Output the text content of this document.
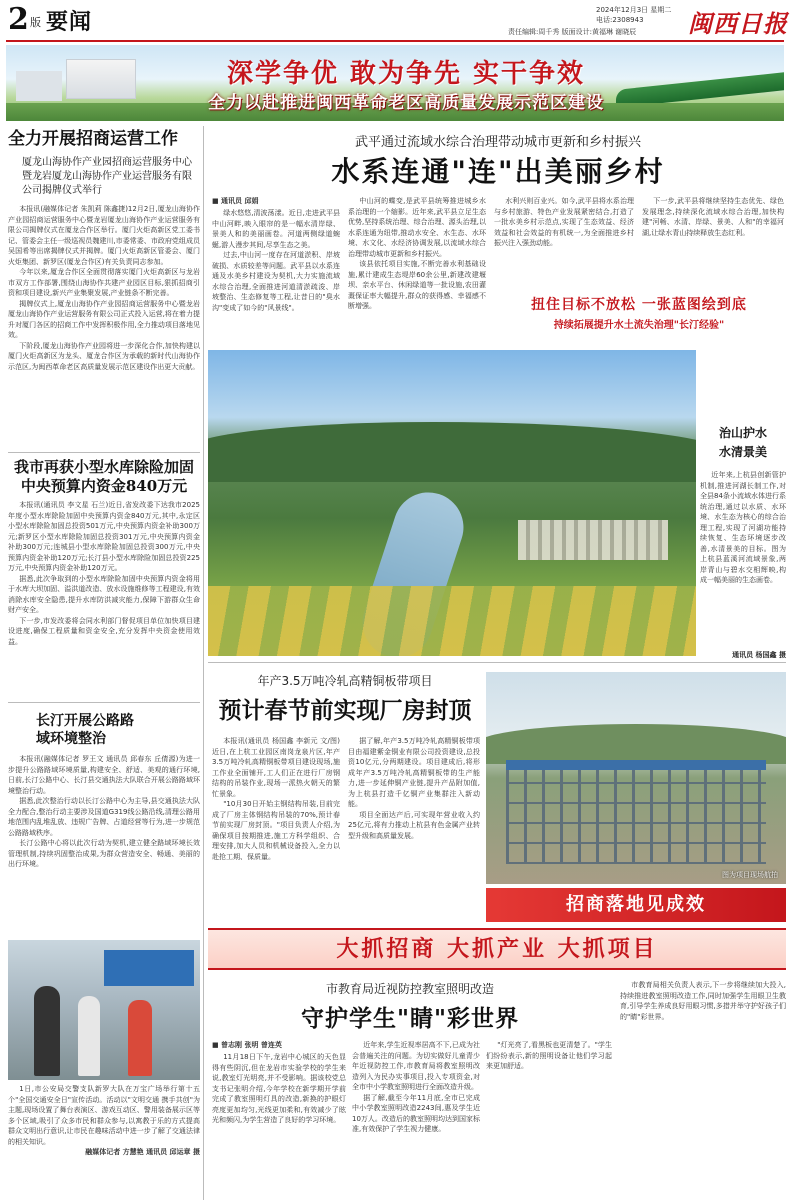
2 版 要闻	2024年12月3日 星期二
电话:2308943
责任编辑:周千秀 版面设计:黄福琳 谢晓辰 闽西日报
深学争优 敢为争先 实干争效
全力以赴推进闽西革命老区高质量发展示范区建设
全力开展招商运营工作
厦龙山海协作产业园招商运营服务中心暨龙岩厦龙山海协作产业运营服务有限公司揭牌仪式举行

本报讯(融媒体记者 朱凯莉 陈鑫捷)12月2日,厦龙山海协作产业园招商运营服务中心暨龙岩厦龙山海协作产业运营服务有限公司揭牌仪式在厦龙合作区举行。厦门火炬高新区党工委书记、管委会主任一级巡视员魏建川,市委常委、市政府党组成员吴国希等出席揭牌仪式并揭牌。厦门火炬高新区管委会、厦门火炬集团、新罗区(厦龙合作区)有关负责同志参加。

今年以来,厦龙合作区全面贯彻落实厦门火炬高新区与龙岩市双方工作部署,围绕山海协作共建产业园区目标,狠抓招商引资和项目建设,新兴产业集聚发展,产业链条不断完善。

揭牌仪式上,厦龙山海协作产业园招商运营服务中心暨龙岩厦龙山海协作产业运营服务有限公司正式投入运营,将在着力提升对厦门各区的招商工作中发挥积极作用,全力推动项目落地见效。

下阶段,厦龙山海协作产业园将进一步深化合作,加快构建以厦门火炬高新区为龙头、厦龙合作区为承载的新时代山海协作示范区,为闽西革命老区高质量发展示范区建设作出更大贡献。

我市再获小型水库除险加固中央预算内资金840万元

本报讯(通讯员 李文星 石兰)近日,省发改委下达我市2025年度小型水库除险加固中央预算内资金840万元,其中,永定区小型水库除险加固总投资501万元,中央预算内资金补助300万元;新罗区小型水库除险加固总投资301万元,中央预算内资金补助300万元;连城县小型水库除险加固总投资300万元,中央预算内资金补助120万元;长汀县小型水库除险加固总投资225万元,中央预算内资金补助120万元。

据悉,此次争取到的小型水库除险加固中央预算内资金将用于水库大坝加固、溢洪道改造、放水设施维修等工程建设,有效消除水库安全隐患,提升水库防洪减灾能力,保障下游群众生命财产安全。

下一步,市发改委将会同水利部门督促项目单位加快项目建设进度,确保工程质量和资金安全,充分发挥中央资金使用效益。

长汀开展公路路域环境整治

本报讯(融媒体记者 罗王文 通讯员 邱春东 丘倩源)为进一步提升公路路域环境质量,构建安全、舒适、美观的通行环境,日前,长汀公路中心、长汀县交通执法大队联合开展公路路域环境整治行动。

据悉,此次整治行动以长汀公路中心为主导,县交通执法大队全力配合,整治行动主要涉及国道G319线公路沿线,清理公路用地范围内乱堆乱放、违规广告牌、占道经营等行为,进一步规范公路路域秩序。

长汀公路中心将以此次行动为契机,建立健全路域环境长效管理机制,持续巩固整治成果,为群众营造安全、畅通、美丽的出行环境。

1日,市公安局交警支队新罗大队在万宝广场举行第十五个"全国交通安全日"宣传活动。活动以"文明交通 携手共创"为主题,现场设置了舞台表演区、游戏互动区、警用装备展示区等多个区域,吸引了众多市民和群众参与,以寓教于乐的方式提高群众文明出行意识,让市民在趣味活动中进一步了解了交通法律的相关知识。

融媒体记者 方慧艳 通讯员 邱运章 摄
武平通过流域水综合治理带动城市更新和乡村振兴
水系连通"连"出美丽乡村
■ 通讯员 邱娟

绿水悠悠,清波荡漾。近日,走进武平县中山河畔,映入眼帘的是一幅水清岸绿、景美人和的美丽画卷。河道两侧绿道蜿蜒,游人漫步其间,尽享生态之美。

过去,中山河一度存在河道淤积、岸坡破损、水质较差等问题。武平县以水系连通及水美乡村建设为契机,大力实施流域水综合治理,全面推进河道清淤疏浚、岸坡整治、生态修复等工程,让昔日的"臭水沟"变成了如今的"风景线"。

中山河的蝶变,是武平县统筹推进城乡水系治理的一个缩影。近年来,武平县立足生态优势,坚持系统治理、综合治理、源头治理,以水系连通为纽带,推动水安全、水生态、水环境、水文化、水经济协调发展,以流域水综合治理带动城市更新和乡村振兴。

该县依托项目实施,不断完善水利基础设施,累计建成生态堤岸60余公里,新建改建堰坝、亲水平台、休闲绿道等一批设施,农田灌溉保证率大幅提升,群众的获得感、幸福感不断增强。

水利兴则百业兴。如今,武平县将水系治理与乡村旅游、特色产业发展紧密结合,打造了一批水美乡村示范点,实现了生态效益、经济效益和社会效益的有机统一,为全面推进乡村振兴注入强劲动能。

下一步,武平县将继续坚持生态优先、绿色发展理念,持续深化流域水综合治理,加快构建"河畅、水清、岸绿、景美、人和"的幸福河湖,让绿水青山持续释放生态红利。

扭住目标不放松 一张蓝图绘到底
持续拓展提升水土流失治理"长汀经验"
治山护水
水清景美

近年来,上杭县创新管护机制,推进河湖长制工作,对全县84条小流域水体进行系统治理,通过以水质、水环境、水生态为核心的综合治理工程,实现了河湖功能持续恢复、生态环境逐步改善,水清景美的目标。图为上杭县蓝溪河流域景象,两岸青山与碧水交相辉映,构成一幅美丽的生态画卷。

通讯员 杨国鑫 摄
年产3.5万吨冷轧高精铜板带项目
预计春节前实现厂房封顶

本报讯(通讯员 杨国鑫 李新元 文/图)近日,在上杭工业园区南岗龙泉片区,年产3.5万吨冷轧高精铜板带项目建设现场,施工作业全面铺开,工人们正在进行厂房钢结构的吊装作业,现场一派热火朝天的繁忙景象。

"10月30日开始主钢结构吊装,目前完成了厂房主体钢结构吊装的70%,预计春节前实现厂房封顶。"项目负责人介绍,为确保项目按期推进,施工方科学组织、合理安排,加大人员和机械设备投入,全力以赴抢工期、保质量。

据了解,年产3.5万吨冷轧高精铜板带项目由福建紫金铜业有限公司投资建设,总投资10亿元,分两期建设。项目建成后,将形成年产3.5万吨冷轧高精铜板带的生产能力,进一步延伸铜产业链,提升产品附加值,为上杭县打造千亿铜产业集群注入新动能。

项目全面达产后,可实现年营业收入约25亿元,将有力推动上杭县有色金属产业转型升级和高质量发展。

图为项目现场航拍
招商落地见成效
大抓招商 大抓产业 大抓项目
市教育局近视防控教室照明改造
守护学生"睛"彩世界
■ 曾志刚 张明 曾连英

11月18日下午,龙岩中心城区的天色显得有些阴沉,但在龙岩市实验学校的学生来说,教室灯光明亮,并不受影响。据该校党总支书记张明介绍,今年学校在新学期开学前完成了教室照明灯具的改造,新换的护眼灯亮度更加均匀,光线更加柔和,有效减少了眩光和频闪,为学生营造了良好的学习环境。

近年来,学生近视率居高不下,已成为社会普遍关注的问题。为切实做好儿童青少年近视防控工作,市教育局将教室照明改造列入为民办实事项目,投入专项资金,对全市中小学教室照明进行全面改造升级。

据了解,截至今年11月底,全市已完成中小学教室照明改造2243间,惠及学生近10万人。改造后的教室照明均达到国家标准,有效保护了学生视力健康。

"灯光亮了,看黑板也更清楚了。"学生们纷纷表示,新的照明设备让他们学习起来更加舒适。

市教育局相关负责人表示,下一步将继续加大投入,持续推进教室照明改造工作,同时加强学生用眼卫生教育,引导学生养成良好用眼习惯,多措并举守护好孩子们的"睛"彩世界。
